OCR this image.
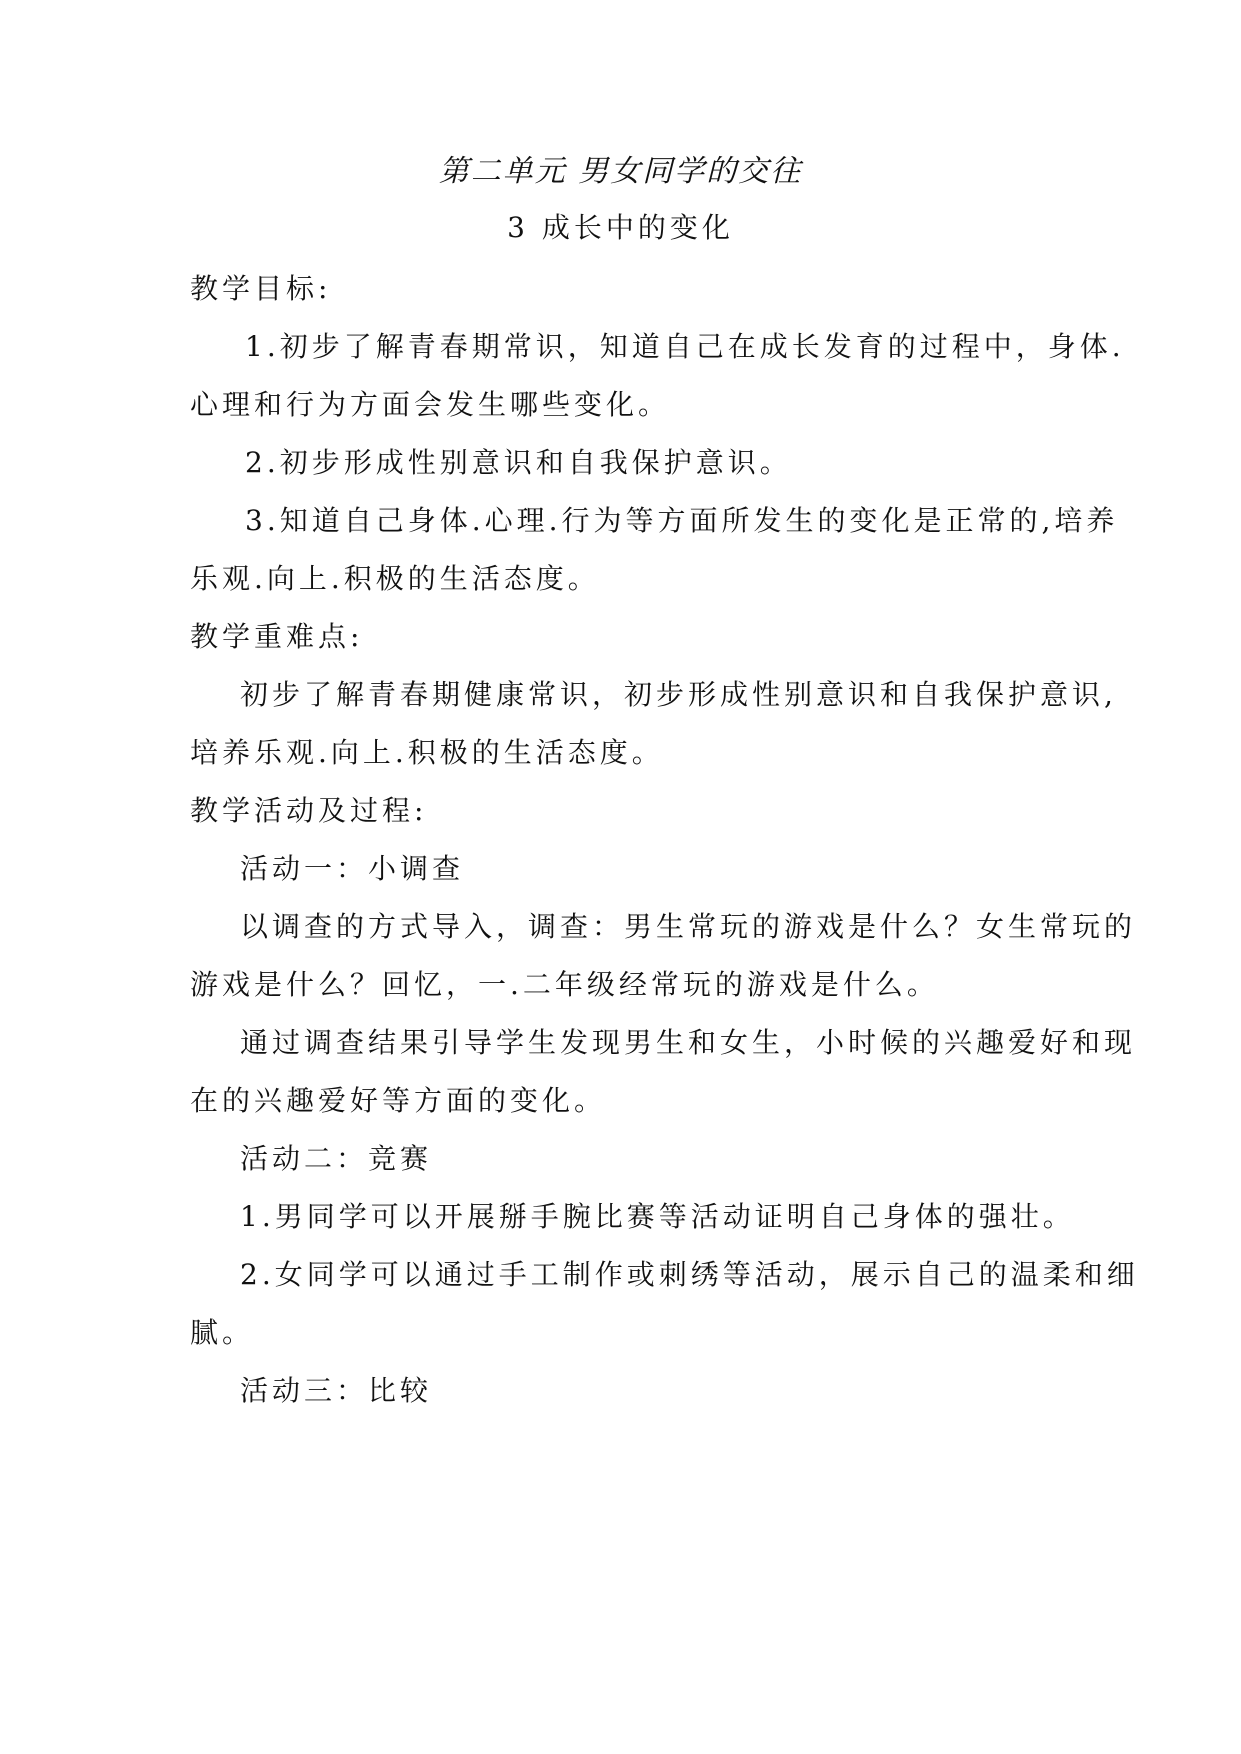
第二单元 男女同学的交往
3 成长中的变化
教学目标:
1.初步了解青春期常识，知道自己在成长发育的过程中，身体.
心理和行为方面会发生哪些变化。
2.初步形成性别意识和自我保护意识。
3.知道自己身体.心理.行为等方面所发生的变化是正常的,培养
乐观.向上.积极的生活态度。
教学重难点:
初步了解青春期健康常识，初步形成性别意识和自我保护意识,
培养乐观.向上.积极的生活态度。
教学活动及过程:
活动一：小调查
以调查的方式导入，调查：男生常玩的游戏是什么？女生常玩的
游戏是什么？回忆，一.二年级经常玩的游戏是什么。
通过调查结果引导学生发现男生和女生，小时候的兴趣爱好和现
在的兴趣爱好等方面的变化。
活动二：竞赛
1.男同学可以开展掰手腕比赛等活动证明自己身体的强壮。
2.女同学可以通过手工制作或刺绣等活动，展示自己的温柔和细
腻。
活动三：比较
